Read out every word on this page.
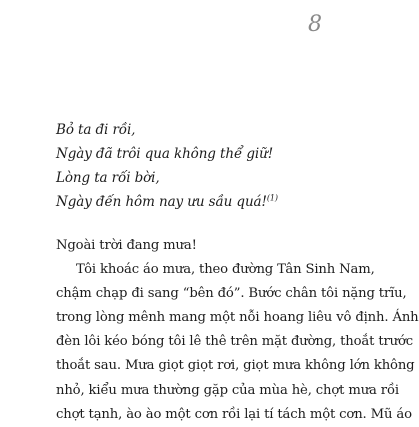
8
Bỏ ta đi rồi,
Ngày đã trôi qua không thể giữ!
Lòng ta rối bời,
Ngày đến hôm nay ưu sầu quá!$^{(1)}$

Ngoài trời đang mưa!

Tôi khoác áo mưa, theo đường Tân Sinh Nam,
chậm chạp đi sang “bên đó”. Bước chân tôi nặng trĩu,
trong lòng mênh mang một nỗi hoang liêu vô định. Ánh
đèn lôi kéo bóng tôi lê thê trên mặt đường, thoắt trước
thoắt sau. Mưa giọt giọt rơi, giọt mưa không lớn không
nhỏ, kiểu mưa thường gặp của mùa hè, chợt mưa rồi
chợt tạnh, ào ào một cơn rồi lại tí tách một cơn. Mũ áo
